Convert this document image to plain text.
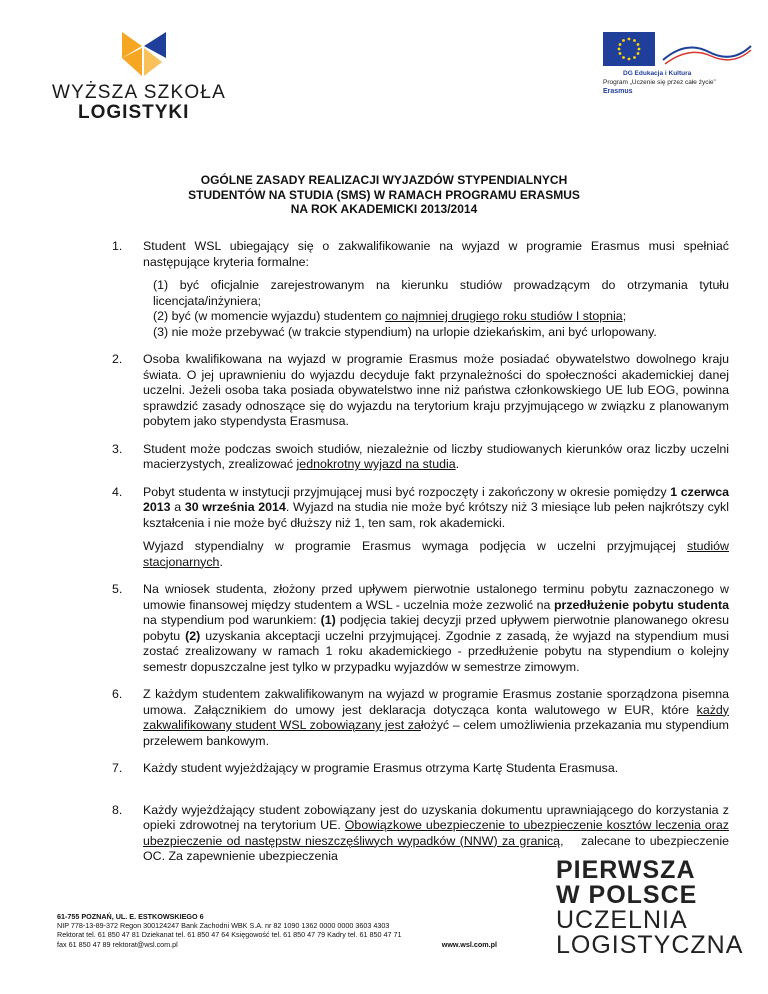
WYŻSZA SZKOŁA
LOGISTYKI
DG Edukacja i Kultura
Program „Uczenie się przez całe życie”
Erasmus
OGÓLNE ZASADY REALIZACJI WYJAZDÓW STYPENDIALNYCH
STUDENTÓW NA STUDIA (SMS) W RAMACH PROGRAMU ERASMUS
NA ROK AKADEMICKI 2013/2014
1. Student WSL ubiegający się o zakwalifikowanie na wyjazd w programie Erasmus musi spełniać następujące kryteria formalne:

(1) być oficjalnie zarejestrowanym na kierunku studiów prowadzącym do otrzymania tytułu licencjata/inżyniera;
(2) być (w momencie wyjazdu) studentem co najmniej drugiego roku studiów I stopnia;
(3) nie może przebywać (w trakcie stypendium) na urlopie dziekańskim, ani być urlopowany.

2. Osoba kwalifikowana na wyjazd w programie Erasmus może posiadać obywatelstwo dowolnego kraju świata. O jej uprawnieniu do wyjazdu decyduje fakt przynależności do społeczności akademickiej danej uczelni. Jeżeli osoba taka posiada obywatelstwo inne niż państwa członkowskiego UE lub EOG, powinna sprawdzić zasady odnoszące się do wyjazdu na terytorium kraju przyjmującego w związku z planowanym pobytem jako stypendysta Erasmusa.

3. Student może podczas swoich studiów, niezależnie od liczby studiowanych kierunków oraz liczby uczelni macierzystych, zrealizować jednokrotny wyjazd na studia.

4. Pobyt studenta w instytucji przyjmującej musi być rozpoczęty i zakończony w okresie pomiędzy 1 czerwca 2013 a 30 września 2014. Wyjazd na studia nie może być krótszy niż 3 miesiące lub pełen najkrótszy cykl kształcenia i nie może być dłuższy niż 1, ten sam, rok akademicki.

Wyjazd stypendialny w programie Erasmus wymaga podjęcia w uczelni przyjmującej studiów stacjonarnych.

5. Na wniosek studenta, złożony przed upływem pierwotnie ustalonego terminu pobytu zaznaczonego w umowie finansowej między studentem a WSL - uczelnia może zezwolić na przedłużenie pobytu studenta na stypendium pod warunkiem: (1) podjęcia takiej decyzji przed upływem pierwotnie planowanego okresu pobytu (2) uzyskania akceptacji uczelni przyjmującej. Zgodnie z zasadą, że wyjazd na stypendium musi zostać zrealizowany w ramach 1 roku akademickiego - przedłużenie pobytu na stypendium o kolejny semestr dopuszczalne jest tylko w przypadku wyjazdów w semestrze zimowym.

6. Z każdym studentem zakwalifikowanym na wyjazd w programie Erasmus zostanie sporządzona pisemna umowa. Załącznikiem do umowy jest deklaracja dotycząca konta walutowego w EUR, które każdy zakwalifikowany student WSL zobowiązany jest założyć – celem umożliwienia przekazania mu stypendium przelewem bankowym.

7. Każdy student wyjeżdżający w programie Erasmus otrzyma Kartę Studenta Erasmusa.

8. Każdy wyjeżdżający student zobowiązany jest do uzyskania dokumentu uprawniającego do korzystania z opieki zdrowotnej na terytorium UE. Obowiązkowe ubezpieczenie to ubezpieczenie kosztów leczenia oraz ubezpieczenie od następstw nieszczęśliwych wypadków (NNW) za granicą,    zalecane to ubezpieczenie OC. Za zapewnienie ubezpieczenia	PIERWSZA
W POLSCE
UCZELNIA
LOGISTYCZNA
61-755 POZNAŃ, UL. E. ESTKOWSKIEGO 6
NIP 778-13-89-372 Regon 300124247 Bank Zachodni WBK S.A. nr 82 1090 1362 0000 0000 3603 4303
Rektorat tel. 61 850 47 81 Dziekanat tel. 61 850 47 64 Księgowość tel. 61 850 47 79 Kadry tel. 61 850 47 71
fax 61 850 47 89 rektorat@wsl.com.pl	www.wsl.com.pl
